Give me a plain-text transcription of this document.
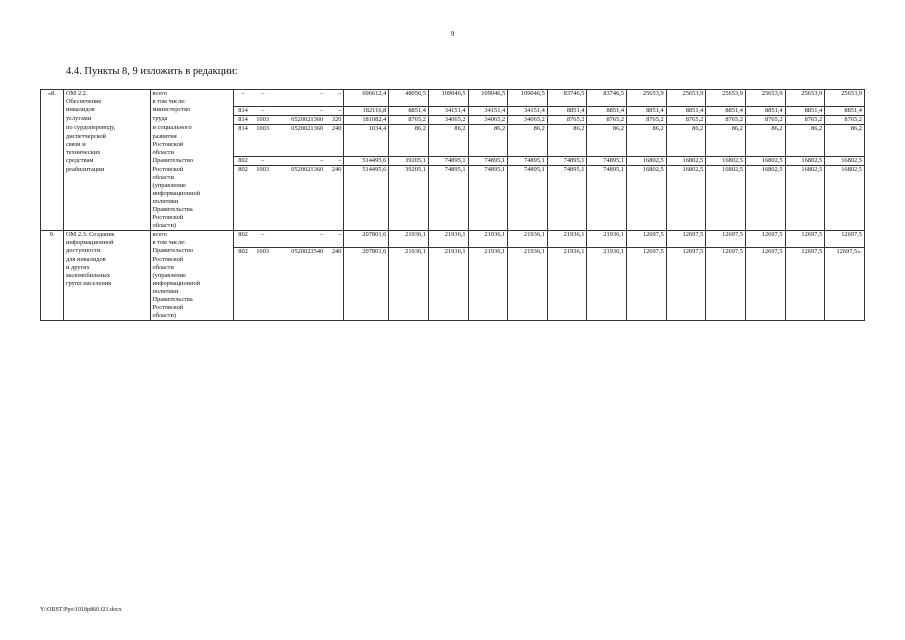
9
4.4. Пункты 8, 9 изложить в редакции:
«8.	ОМ 2.2.	всего	–	–	–	–	696612,4	48056,5	109046,5	109046,5	109046,5	83746,5	83746,5	25653,9	25653,9	25653,9	25653,9	25653,9	25653,9
	Обеспечение	в том числе:																	
	инвалидов	министерство	814	–	–	–	182116,8	8851,4	34151,4	34151,4	34151,4	8851,4	8851,4	8851,4	8851,4	8851,4	8851,4	8851,4	8851,4
	услугами	труда	814	1003	0520021360	320	181082,4	8765,2	34065,2	34065,2	34065,2	8765,2	8765,2	8765,2	8765,2	8765,2	8765,2	8765,2	8765,2
	по сурдопереводу,	и социального	814	1003	0520021360	240	1034,4	86,2	86,2	86,2	86,2	86,2	86,2	86,2	86,2	86,2	86,2	86,2	86,2
	диспетчерской	развития																	
	связи и	Ростовской																	
	технических	области																	
	средствам	Правительство	802	–	–	–	514495,6	39205,1	74895,1	74895,1	74895,1	74895,1	74895,1	16802,5	16802,5	16802,5	16802,5	16802,5	16802,5
	реабилитации	Ростовской	802	1003	0520021360	240	514495,6	39205,1	74895,1	74895,1	74895,1	74895,1	74895,1	16802,5	16802,5	16802,5	16802,5	16802,5	16802,5
		области																	
		(управление																	
		информационной																	
		политики																	
		Правительства																	
		Ростовской																	
		области)																	
9.	ОМ 2.3. Создание	всего	802	–	–	–	207801,6	21936,1	21936,1	21936,1	21936,1	21936,1	21936,1	12697,5	12697,5	12697,5	12697,5	12697,5	12697,5
	информационной	в том числе:																	
	доступности	Правительство	802	1003	0520023540	240	207801,6	21936,1	21936,1	21936,1	21936,1	21936,1	21936,1	12697,5	12697,5	12697,5	12697,5	12697,5	12697,5».
	для инвалидов	Ростовской																	
	и других	области																	
	маломобильных	(управление																	
	групп населения	информационной																	
		политики																	
		Правительства																	
		Ростовской																	
		области)																	
Y:\ORST\Ppo\1018p860.f21.docx
